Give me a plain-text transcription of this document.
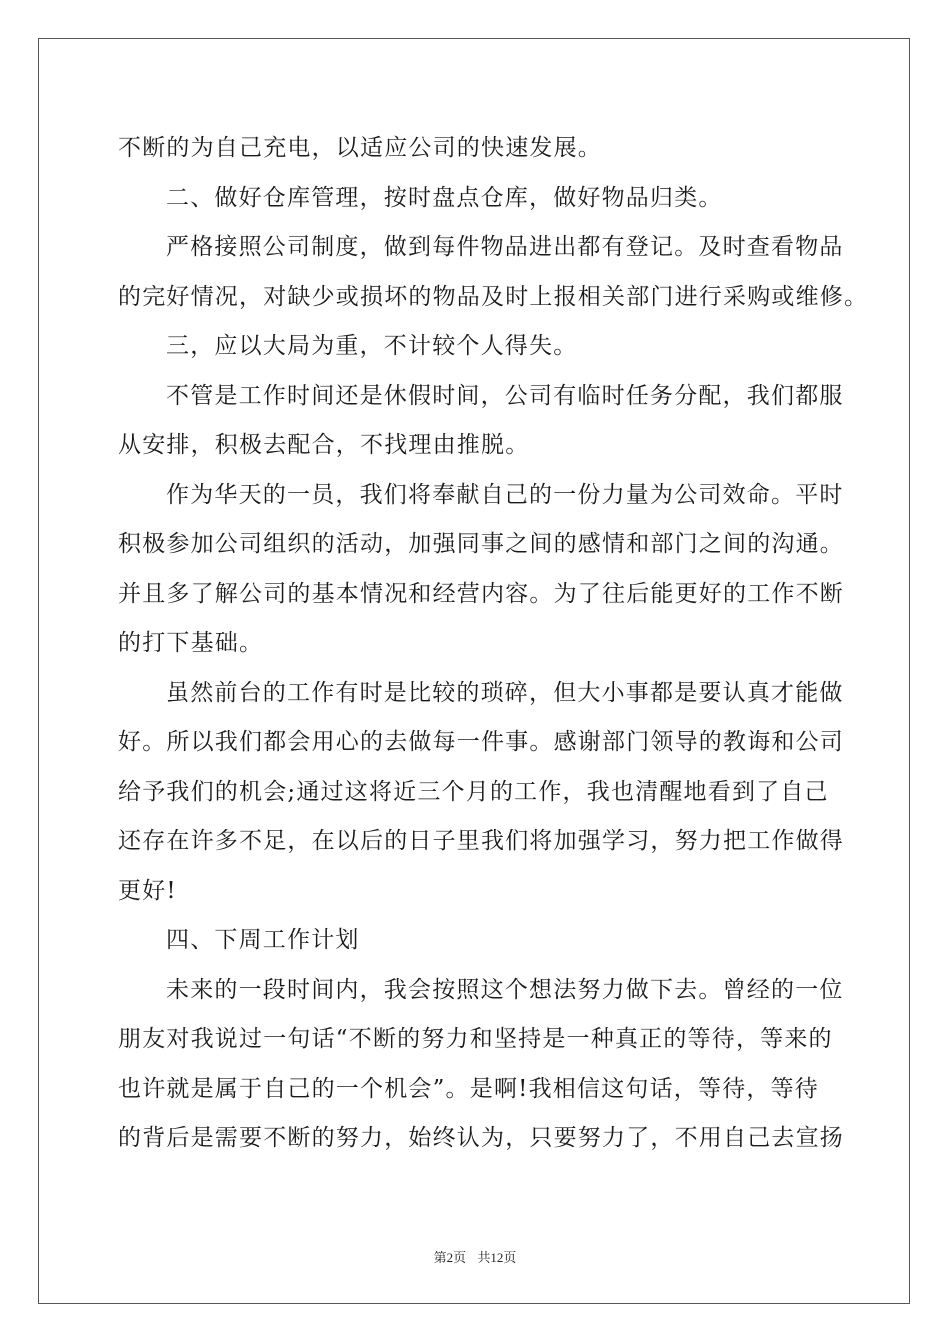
不断的为自己充电，以适应公司的快速发展。
二、做好仓库管理，按时盘点仓库，做好物品归类。
严格接照公司制度，做到每件物品进出都有登记。及时查看物品
的完好情况，对缺少或损坏的物品及时上报相关部门进行采购或维修。
三，应以大局为重，不计较个人得失。
不管是工作时间还是休假时间，公司有临时任务分配，我们都服
从安排，积极去配合，不找理由推脱。
作为华天的一员，我们将奉献自己的一份力量为公司效命。平时
积极参加公司组织的活动，加强同事之间的感情和部门之间的沟通。
并且多了解公司的基本情况和经营内容。为了往后能更好的工作不断
的打下基础。
虽然前台的工作有时是比较的琐碎，但大小事都是要认真才能做
好。所以我们都会用心的去做每一件事。感谢部门领导的教诲和公司
给予我们的机会;通过这将近三个月的工作，我也清醒地看到了自己
还存在许多不足，在以后的日子里我们将加强学习，努力把工作做得
更好!
四、下周工作计划
未来的一段时间内，我会按照这个想法努力做下去。曾经的一位
朋友对我说过一句话“不断的努力和坚持是一种真正的等待，等来的
也许就是属于自己的一个机会”。是啊!我相信这句话，等待，等待
的背后是需要不断的努力，始终认为，只要努力了，不用自己去宣扬
第2页 共12页
